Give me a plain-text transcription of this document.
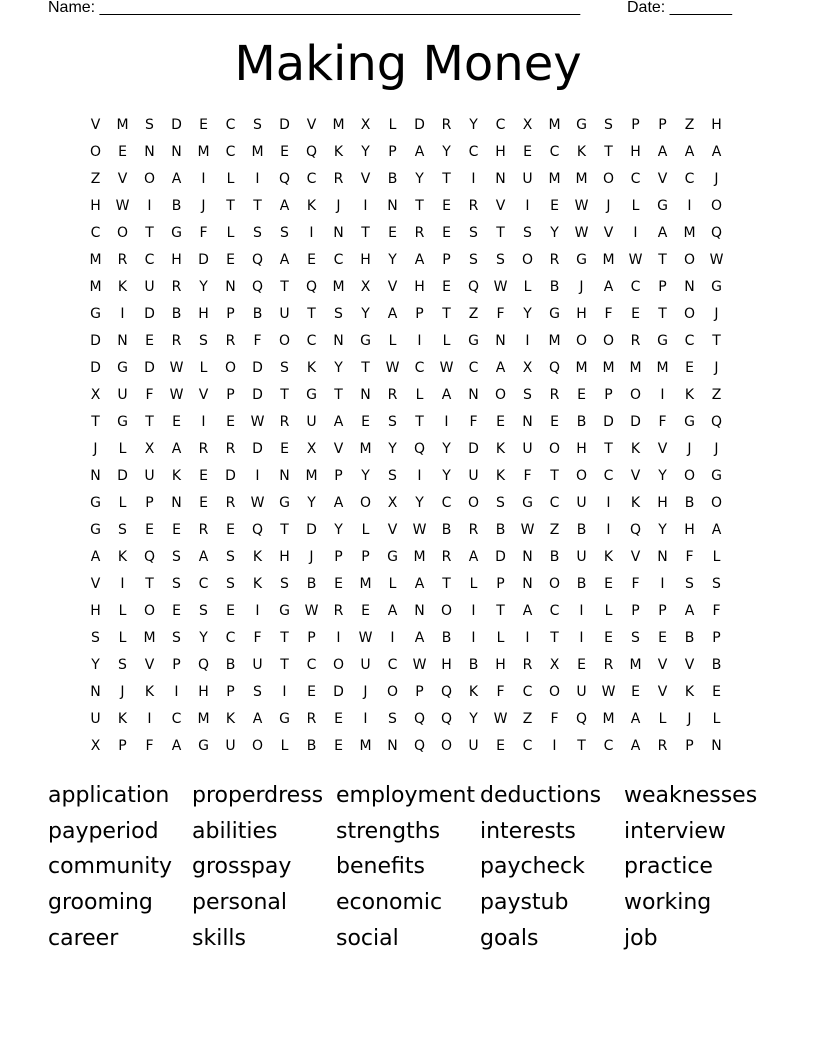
Name: ______________________________________________________	Date: _______
Making Money
V	M	S	D	E	C	S	D	V	M	X	L	D	R	Y	C	X	M	G	S	P	P	Z	H
O	E	N	N	M	C	M	E	Q	K	Y	P	A	Y	C	H	E	C	K	T	H	A	A	A
Z	V	O	A	I	L	I	Q	C	R	V	B	Y	T	I	N	U	M	M	O	C	V	C	J
H	W	I	B	J	T	T	A	K	J	I	N	T	E	R	V	I	E	W	J	L	G	I	O
C	O	T	G	F	L	S	S	I	N	T	E	R	E	S	T	S	Y	W	V	I	A	M	Q
M	R	C	H	D	E	Q	A	E	C	H	Y	A	P	S	S	O	R	G	M	W	T	O	W
M	K	U	R	Y	N	Q	T	Q	M	X	V	H	E	Q	W	L	B	J	A	C	P	N	G
G	I	D	B	H	P	B	U	T	S	Y	A	P	T	Z	F	Y	G	H	F	E	T	O	J
D	N	E	R	S	R	F	O	C	N	G	L	I	L	G	N	I	M	O	O	R	G	C	T
D	G	D	W	L	O	D	S	K	Y	T	W	C	W	C	A	X	Q	M	M	M	M	E	J
X	U	F	W	V	P	D	T	G	T	N	R	L	A	N	O	S	R	E	P	O	I	K	Z
T	G	T	E	I	E	W	R	U	A	E	S	T	I	F	E	N	E	B	D	D	F	G	Q
J	L	X	A	R	R	D	E	X	V	M	Y	Q	Y	D	K	U	O	H	T	K	V	J	J
N	D	U	K	E	D	I	N	M	P	Y	S	I	Y	U	K	F	T	O	C	V	Y	O	G
G	L	P	N	E	R	W	G	Y	A	O	X	Y	C	O	S	G	C	U	I	K	H	B	O
G	S	E	E	R	E	Q	T	D	Y	L	V	W	B	R	B	W	Z	B	I	Q	Y	H	A
A	K	Q	S	A	S	K	H	J	P	P	G	M	R	A	D	N	B	U	K	V	N	F	L
V	I	T	S	C	S	K	S	B	E	M	L	A	T	L	P	N	O	B	E	F	I	S	S
H	L	O	E	S	E	I	G	W	R	E	A	N	O	I	T	A	C	I	L	P	P	A	F
S	L	M	S	Y	C	F	T	P	I	W	I	A	B	I	L	I	T	I	E	S	E	B	P
Y	S	V	P	Q	B	U	T	C	O	U	C	W	H	B	H	R	X	E	R	M	V	V	B
N	J	K	I	H	P	S	I	E	D	J	O	P	Q	K	F	C	O	U	W	E	V	K	E
U	K	I	C	M	K	A	G	R	E	I	S	Q	Q	Y	W	Z	F	Q	M	A	L	J	L
X	P	F	A	G	U	O	L	B	E	M	N	Q	O	U	E	C	I	T	C	A	R	P	N
application	properdress employment deductions	weaknesses
payperiod	abilities	strengths	interests	interview
community grosspay	benefits	paycheck	practice
grooming	personal	economic	paystub	working
career	skills	social	goals	job
